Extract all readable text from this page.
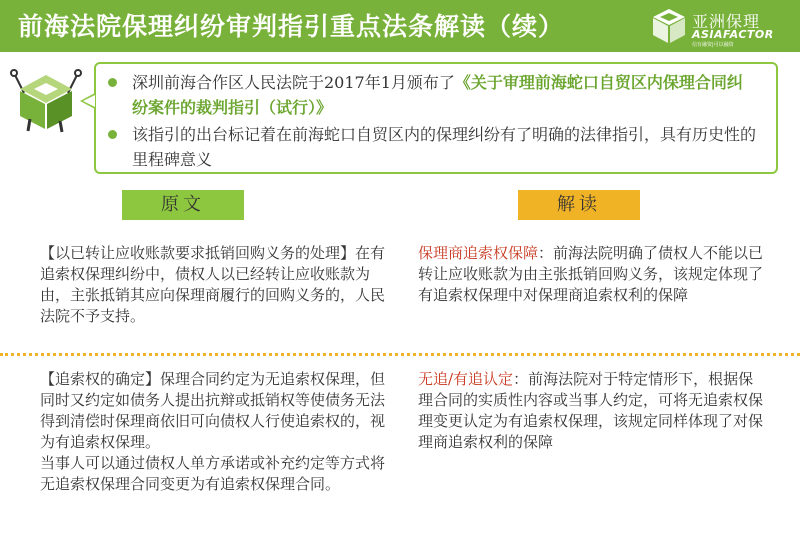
前海法院保理纠纷审判指引重点法条解读（续）	亚洲保理
ASIAFACTOR
信有融资|可以融资
深圳前海合作区人民法院于2017年1月颁布了《关于审理前海蛇口自贸区内保理合同纠纷案件的裁判指引（试行）》
该指引的出台标记着在前海蛇口自贸区内的保理纠纷有了明确的法律指引，具有历史性的里程碑意义
原文	解读
【以已转让应收账款要求抵销回购义务的处理】在有追索权保理纠纷中，债权人以已经转让应收账款为由，主张抵销其应向保理商履行的回购义务的，人民法院不予支持。
保理商追索权保障：前海法院明确了债权人不能以已转让应收账款为由主张抵销回购义务，该规定体现了有追索权保理中对保理商追索权利的保障
【追索权的确定】保理合同约定为无追索权保理，但同时又约定如债务人提出抗辩或抵销权等使债务无法得到清偿时保理商依旧可向债权人行使追索权的，视为有追索权保理。
当事人可以通过债权人单方承诺或补充约定等方式将无追索权保理合同变更为有追索权保理合同。
无追/有追认定：前海法院对于特定情形下，根据保理合同的实质性内容或当事人约定，可将无追索权保理变更认定为有追索权保理，该规定同样体现了对保理商追索权利的保障
